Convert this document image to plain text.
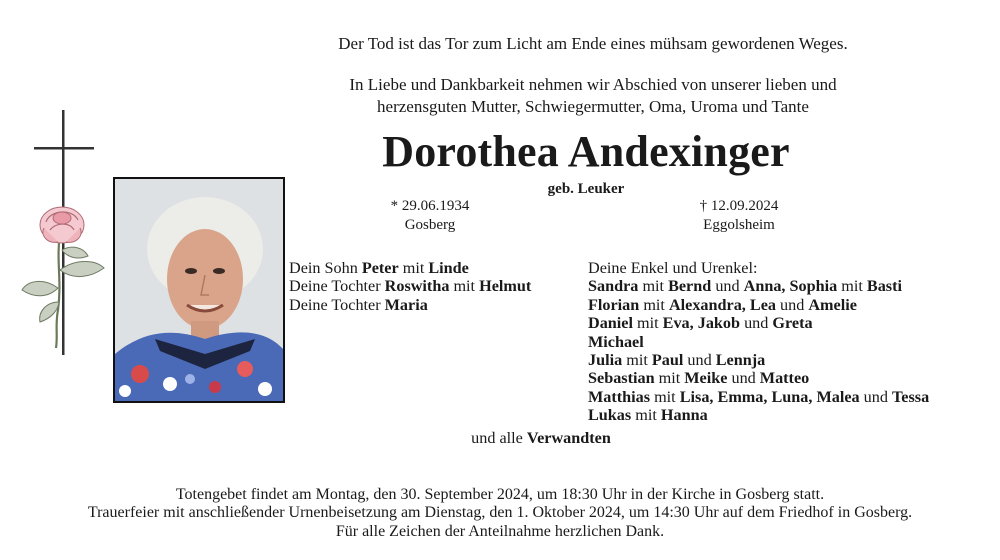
Der Tod ist das Tor zum Licht am Ende eines mühsam gewordenen Weges.
In Liebe und Dankbarkeit nehmen wir Abschied von unserer lieben und
herzensguten Mutter, Schwiegermutter, Oma, Uroma und Tante
Dorothea Andexinger
geb. Leuker
* 29.06.1934
Gosberg
† 12.09.2024
Eggolsheim
Dein Sohn Peter mit Linde
Deine Tochter Roswitha mit Helmut
Deine Tochter Maria
Deine Enkel und Urenkel:
Sandra mit Bernd und Anna, Sophia mit Basti
Florian mit Alexandra, Lea und Amelie
Daniel mit Eva, Jakob und Greta
Michael
Julia mit Paul und Lennja
Sebastian mit Meike und Matteo
Matthias mit Lisa, Emma, Luna, Malea und Tessa
Lukas mit Hanna
und alle Verwandten
Totengebet findet am Montag, den 30. September 2024, um 18:30 Uhr in der Kirche in Gosberg statt.
Trauerfeier mit anschließender Urnenbeisetzung am Dienstag, den 1. Oktober 2024, um 14:30 Uhr auf dem Friedhof in Gosberg.
Für alle Zeichen der Anteilnahme herzlichen Dank.
